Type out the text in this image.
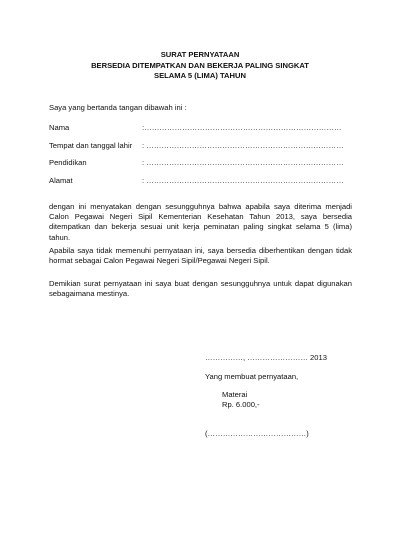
SURAT PERNYATAAN
BERSEDIA DITEMPATKAN DAN BEKERJA PALING SINGKAT
SELAMA 5 (LIMA) TAHUN
Saya yang bertanda tangan dibawah ini :
Nama	:……………………………………………………………………
Tempat dan tanggal lahir : ……………………………………………………………………
Pendidikan	: ……………………………………………………………………
Alamat	: ……………………………………………………………………
dengan ini menyatakan dengan sesungguhnya bahwa apabila saya diterima menjadi Calon Pegawai Negeri Sipil Kementerian Kesehatan Tahun 2013, saya bersedia ditempatkan dan bekerja sesuai unit kerja peminatan paling singkat selama 5 (lima) tahun.
Apabila saya tidak memenuhi pernyataan ini, saya bersedia diberhentikan dengan tidak hormat sebagai Calon Pegawai Negeri Sipil/Pegawai Negeri Sipil.
Demikian surat pernyataan ini saya buat dengan sesungguhnya untuk dapat digunakan sebagaimana mestinya.
……………, …………………… 2013
Yang membuat pernyataan,
Materai
Rp. 6.000,-
(…………………………………)
